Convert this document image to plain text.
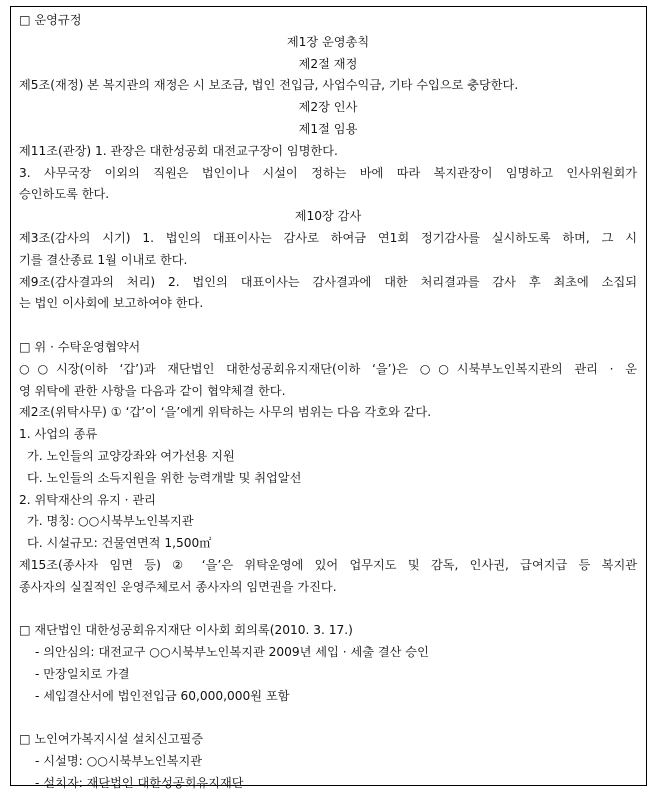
□ 운영규정
제1장 운영총칙
제2절 재정
제5조(재정) 본 복지관의 재정은 시 보조금, 법인 전입금, 사업수익금, 기타 수입으로 충당한다.
제2장 인사
제1절 임용
제11조(관장) 1. 관장은 대한성공회 대전교구장이 임명한다.
3. 사무국장 이외의 직원은 법인이나 시설이 정하는 바에 따라 복지관장이 임명하고 인사위원회가
승인하도록 한다.
제10장 감사
제3조(감사의 시기) 1. 법인의 대표이사는 감사로 하여금 연1회 정기감사를 실시하도록 하며, 그 시
기를 결산종료 1월 이내로 한다.
제9조(감사결과의 처리) 2. 법인의 대표이사는 감사결과에 대한 처리결과를 감사 후 최초에 소집되
는 법인 이사회에 보고하여야 한다.
□ 위 · 수탁운영협약서
○○시장(이하 ‘갑’)과 재단법인 대한성공회유지재단(이하 ‘을’)은 ○○시북부노인복지관의 관리 · 운
영 위탁에 관한 사항을 다음과 같이 협약체결 한다.
제2조(위탁사무) ① ‘갑’이 ‘을’에게 위탁하는 사무의 범위는 다음 각호와 같다.
1. 사업의 종류
가. 노인들의 교양강좌와 여가선용 지원
다. 노인들의 소득지원을 위한 능력개발 및 취업알선
2. 위탁재산의 유지 · 관리
가. 명칭: ○○시북부노인복지관
다. 시설규모: 건물연면적 1,500㎡
제15조(종사자 임면 등) ② ‘을’은 위탁운영에 있어 업무지도 및 감독, 인사권, 급여지급 등 복지관
종사자의 실질적인 운영주체로서 종사자의 임면권을 가진다.
□ 재단법인 대한성공회유지재단 이사회 회의록(2010. 3. 17.)
- 의안심의: 대전교구 ○○시북부노인복지관 2009년 세입 · 세출 결산 승인
- 만장일치로 가결
- 세입결산서에 법인전입금 60,000,000원 포함
□ 노인여가복지시설 설치신고필증
- 시설명: ○○시북부노인복지관
- 설치자: 재단법인 대한성공회유지재단
